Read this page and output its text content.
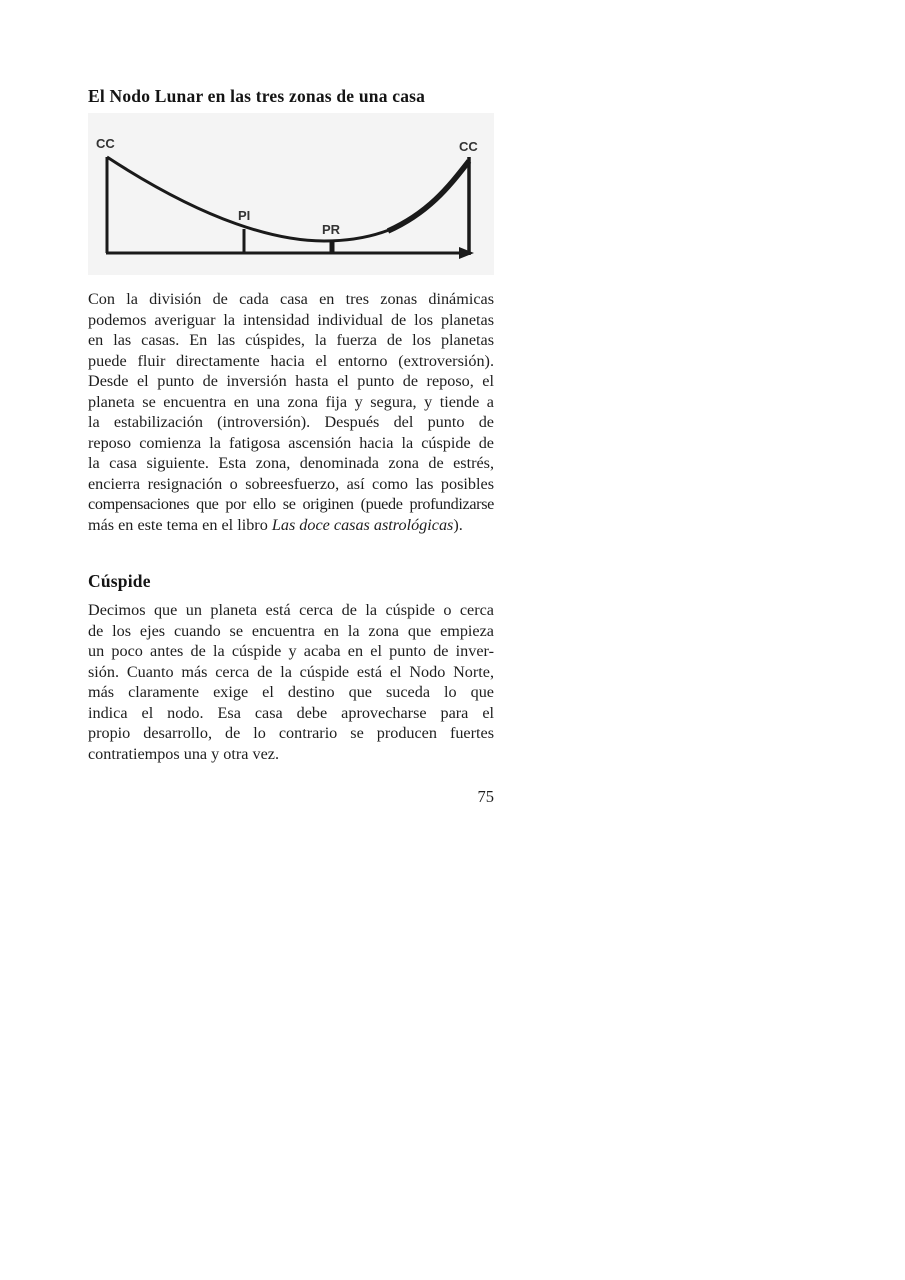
El Nodo Lunar en las tres zonas de una casa
CC	CC
PI
PR
Con la división de cada casa en tres zonas dinámicas
podemos averiguar la intensidad individual de los planetas
en las casas. En las cúspides, la fuerza de los planetas
puede fluir directamente hacia el entorno (extroversión).
Desde el punto de inversión hasta el punto de reposo, el
planeta se encuentra en una zona fija y segura, y tiende a
la estabilización (introversión). Después del punto de
reposo comienza la fatigosa ascensión hacia la cúspide de
la casa siguiente. Esta zona, denominada zona de estrés,
encierra resignación o sobreesfuerzo, así como las posibles
compensaciones que por ello se originen (puede profundizarse
más en este tema en el libro Las doce casas astrológicas).
Cúspide
Decimos que un planeta está cerca de la cúspide o cerca
de los ejes cuando se encuentra en la zona que empieza
un poco antes de la cúspide y acaba en el punto de inver-
sión. Cuanto más cerca de la cúspide está el Nodo Norte,
más claramente exige el destino que suceda lo que
indica el nodo. Esa casa debe aprovecharse para el
propio desarrollo, de lo contrario se producen fuertes
contratiempos una y otra vez.
75
